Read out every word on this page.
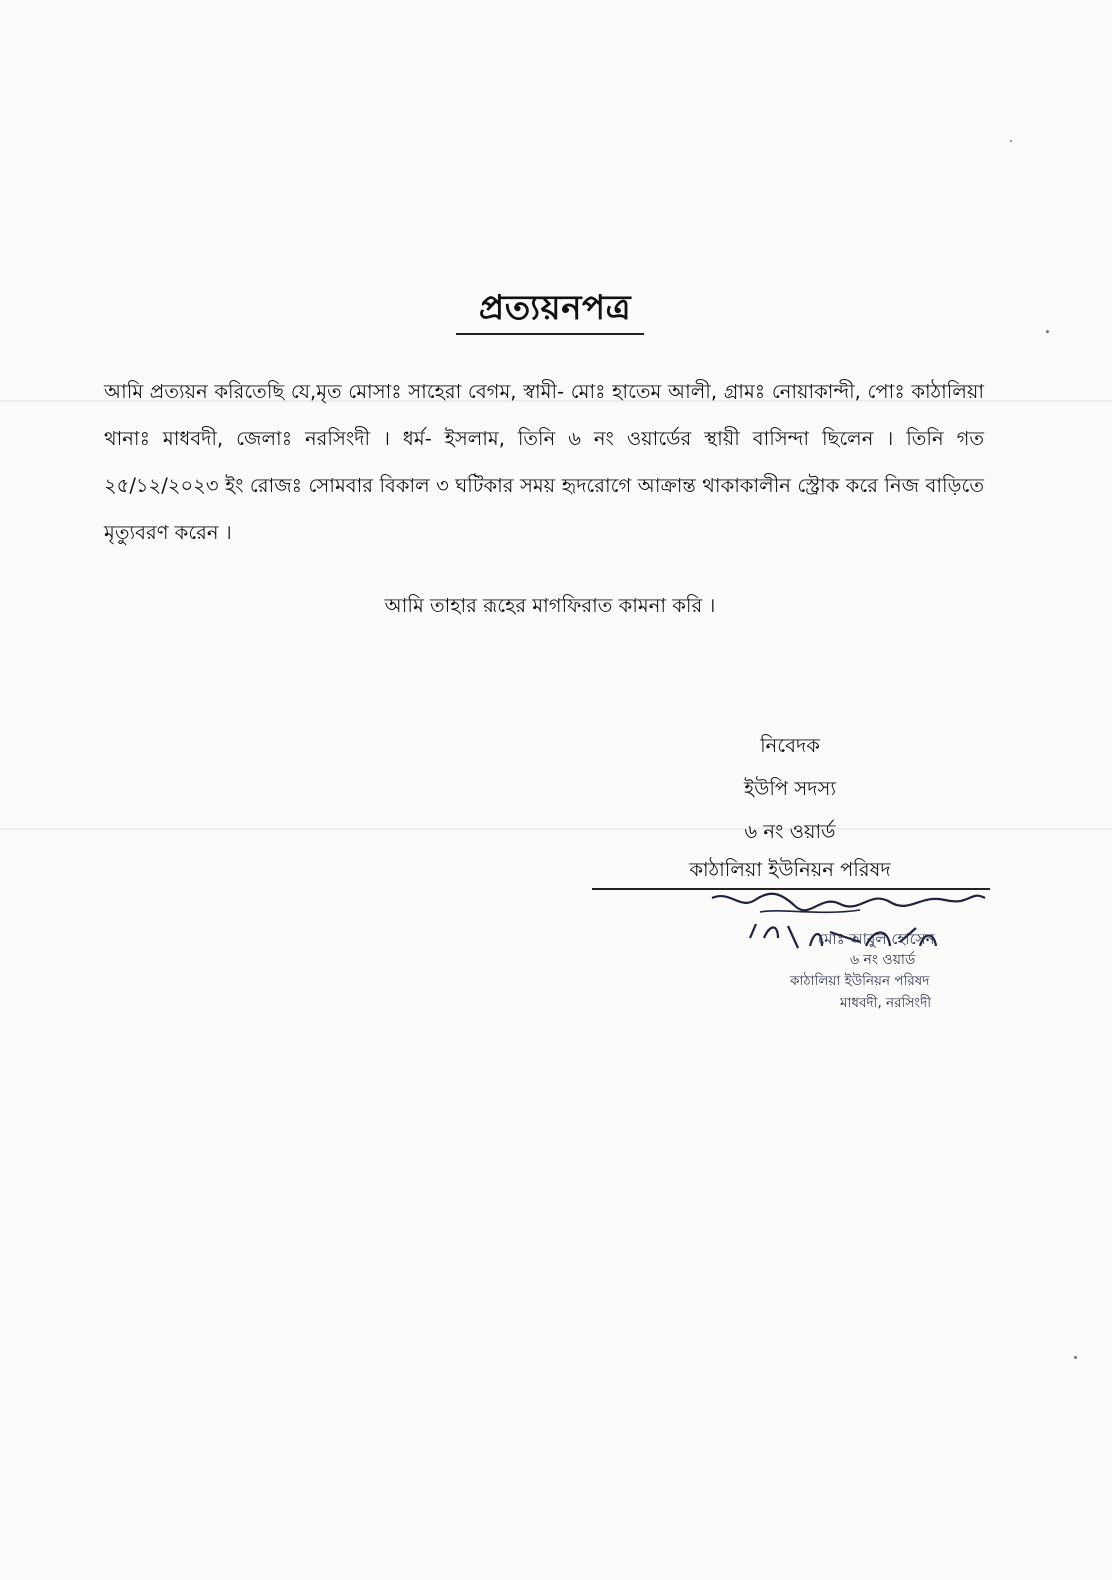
প্রত্যয়নপত্র
আমি প্রত্যয়ন করিতেছি যে,মৃত মোসাঃ সাহেরা বেগম, স্বামী- মোঃ হাতেম আলী, গ্রামঃ নোয়াকান্দী, পোঃ কাঠালিয়া থানাঃ মাধবদী, জেলাঃ নরসিংদী । ধর্ম- ইসলাম, তিনি ৬ নং ওয়ার্ডের স্থায়ী বাসিন্দা ছিলেন । তিনি গত ২৫/১২/২০২৩ ইং রোজঃ সোমবার বিকাল ৩ ঘটিকার সময় হৃদরোগে আক্রান্ত থাকাকালীন স্ট্রোক করে নিজ বাড়িতে মৃত্যুবরণ করেন ।
আমি তাহার রূহের মাগফিরাত কামনা করি ।
নিবেদক
ইউপি সদস্য
৬ নং ওয়ার্ড
কাঠালিয়া ইউনিয়ন পরিষদ
মোঃ আবুল হোসেন
৬ নং ওয়ার্ড
কাঠালিয়া ইউনিয়ন পরিষদ
মাধবদী, নরসিংদী
